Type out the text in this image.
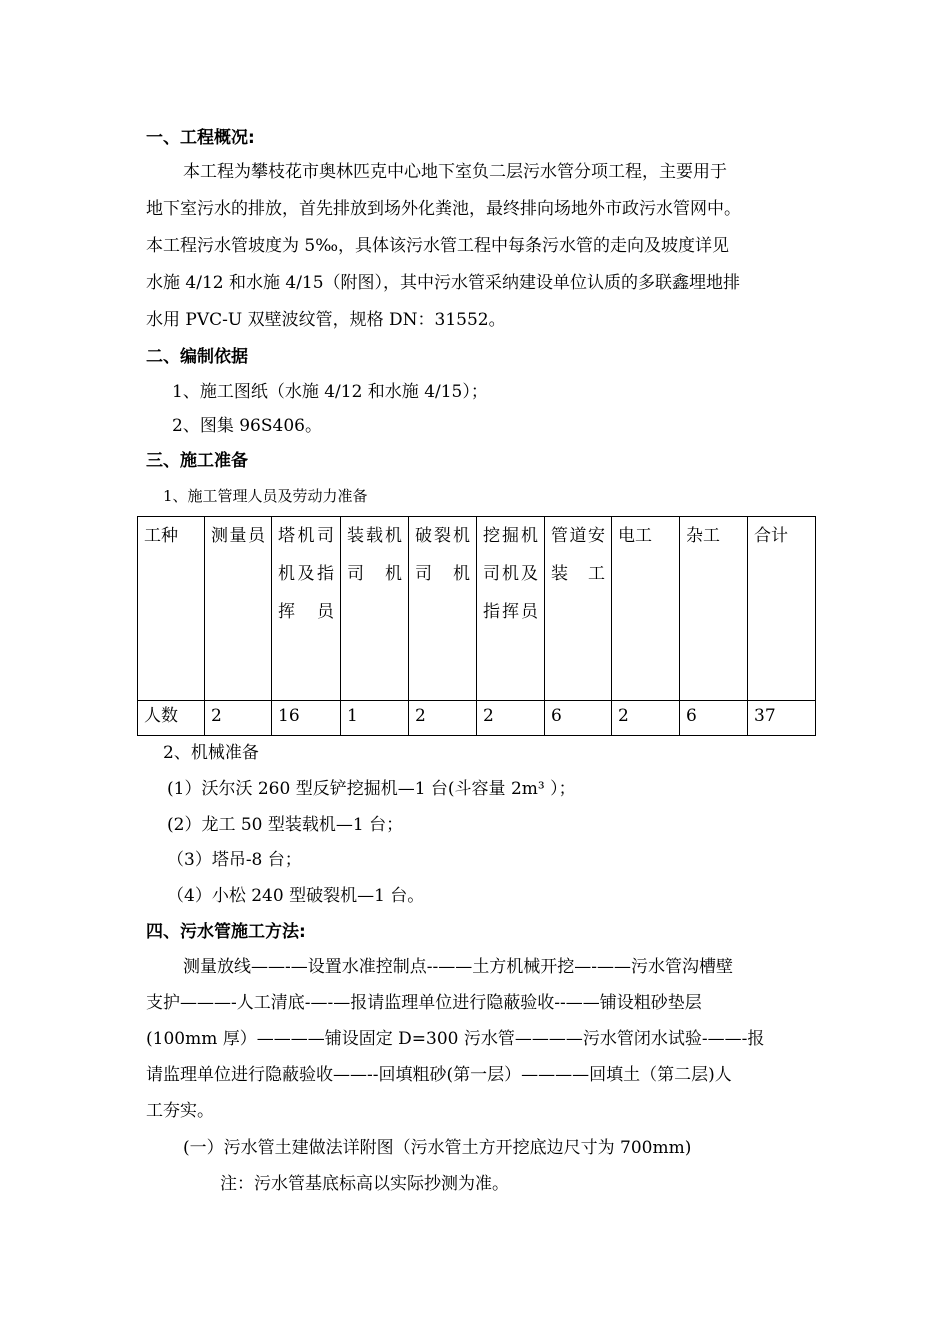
一、工程概况:
本工程为攀枝花市奥林匹克中心地下室负二层污水管分项工程，主要用于
地下室污水的排放，首先排放到场外化粪池，最终排向场地外市政污水管网中。
本工程污水管坡度为 5‰，具体该污水管工程中每条污水管的走向及坡度详见
水施 4/12 和水施 4/15（附图），其中污水管采纳建设单位认质的多联鑫埋地排
水用 PVC-U 双壁波纹管，规格 DN：31552。
二、编制依据
1、施工图纸（水施 4/12 和水施 4/15）；
2、图集 96S406。
三、施工准备
1、施工管理人员及劳动力准备
工种	测量员	塔机司机及指挥员	装载机司机	破裂机司机	挖掘机司机及指挥员	管道安装工	电工	杂工	合计
人数	2	16	1	2	2	6	2	6	37
2、机械准备
(1）沃尔沃 260 型反铲挖掘机—1 台(斗容量 2m³ ）；
(2）龙工 50 型装载机—1 台；
（3）塔吊-8 台；
（4）小松 240 型破裂机—1 台。
四、污水管施工方法:
测量放线——-—设置水准控制点--——土方机械开挖—-——污水管沟槽壁
支护———-人工清底-—-—报请监理单位进行隐蔽验收--——铺设粗砂垫层
(100mm 厚）————铺设固定 D=300 污水管————污水管闭水试验-——-报
请监理单位进行隐蔽验收——--回填粗砂(第一层）————回填土（第二层)人
工夯实。
(一）污水管土建做法详附图（污水管土方开挖底边尺寸为 700mm)
注：污水管基底标高以实际抄测为准。
